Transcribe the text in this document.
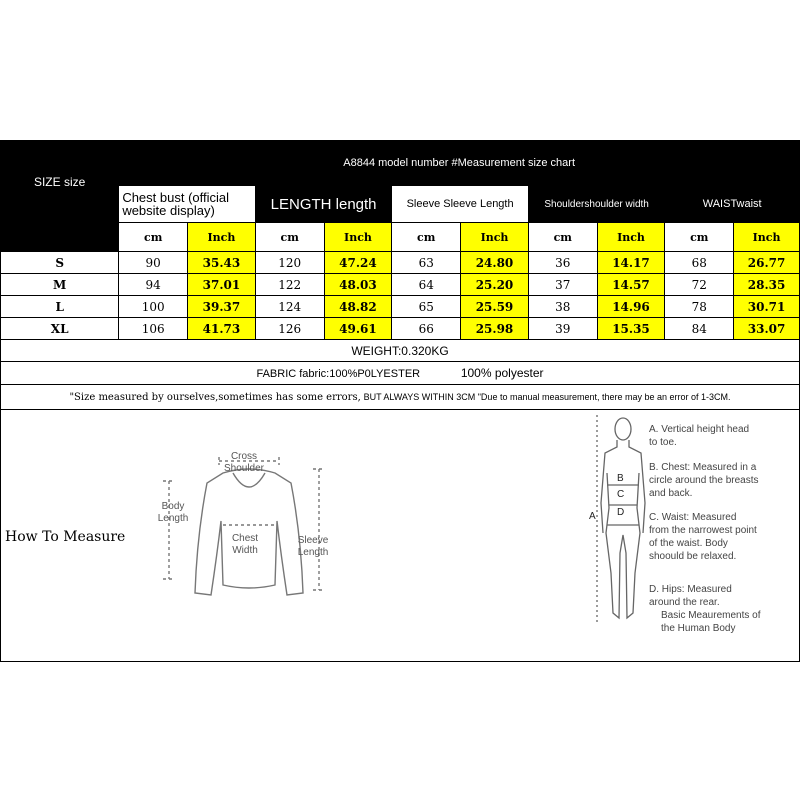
SIZE size	A8844 model number #Measurement size chart									
	Chest bust (official website display)		LENGTH length		Sleeve Sleeve Length		Shouldershoulder width		WAISTwaist	
	cm	Inch	cm	Inch	cm	Inch	cm	Inch	cm	Inch
S	90	35.43	120	47.24	63	24.80	36	14.17	68	26.77
M	94	37.01	122	48.03	64	25.20	37	14.57	72	28.35
L	100	39.37	124	48.82	65	25.59	38	14.96	78	30.71
XL	106	41.73	126	49.61	66	25.98	39	15.35	84	33.07
WEIGHT:0.320KG										
FABRIC fabric:100%P0LYESTER 100% polyester										
"Size measured by ourselves,sometimes has some errors, BUT ALWAYS WITHIN 3CM "Due to manual measurement, there may be an error of 1-3CM.										
How To Measure
Cross Shoulder
Body Length
Chest Width
Sleeve Length
A
B
C
D
A. Vertical height head to toe.
B. Chest: Measured in a circle around the breasts and back.
C. Waist: Measured from the narrowest point of the waist. Body shoould be relaxed.
D. Hips: Measured around the rear.
Basic Meaurements of the Human Body
